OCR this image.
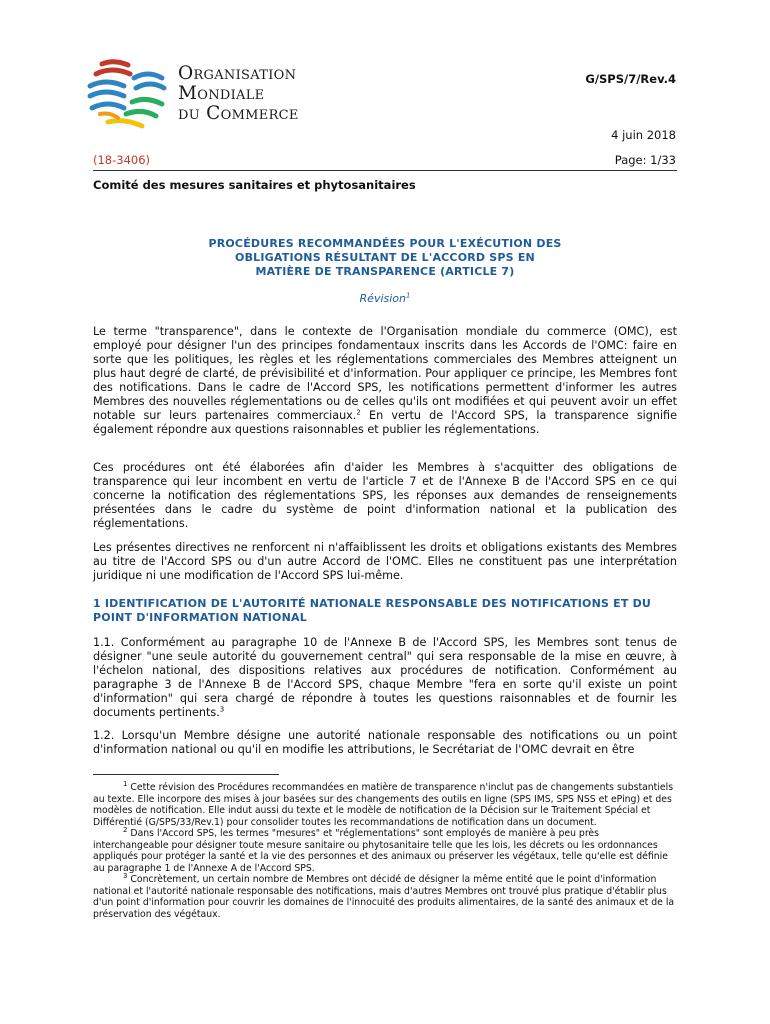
Organisation
Mondiale
du Commerce
G/SPS/7/Rev.4
4 juin 2018
(18-3406)	Page: 1/33
Comité des mesures sanitaires et phytosanitaires
PROCÉDURES RECOMMANDÉES POUR L'EXÉCUTION DES
OBLIGATIONS RÉSULTANT DE L'ACCORD SPS EN
MATIÈRE DE TRANSPARENCE (ARTICLE 7)
Révision$^1$
Le terme "transparence", dans le contexte de l'Organisation mondiale du commerce (OMC), est employé pour désigner l'un des principes fondamentaux inscrits dans les Accords de l'OMC: faire en sorte que les politiques, les règles et les réglementations commerciales des Membres atteignent un plus haut degré de clarté, de prévisibilité et d'information. Pour appliquer ce principe, les Membres font des notifications. Dans le cadre de l'Accord SPS, les notifications permettent d'informer les autres Membres des nouvelles réglementations ou de celles qu'ils ont modifiées et qui peuvent avoir un effet notable sur leurs partenaires commerciaux.$^2$ En vertu de l'Accord SPS, la transparence signifie également répondre aux questions raisonnables et publier les réglementations.
Ces procédures ont été élaborées afin d'aider les Membres à s'acquitter des obligations de transparence qui leur incombent en vertu de l'article 7 et de l'Annexe B de l'Accord SPS en ce qui concerne la notification des réglementations SPS, les réponses aux demandes de renseignements présentées dans le cadre du système de point d'information national et la publication des réglementations.
Les présentes directives ne renforcent ni n'affaiblissent les droits et obligations existants des Membres au titre de l'Accord SPS ou d'un autre Accord de l'OMC. Elles ne constituent pas une interprétation juridique ni une modification de l'Accord SPS lui-même.
1 IDENTIFICATION DE L'AUTORITÉ NATIONALE RESPONSABLE DES NOTIFICATIONS ET DU POINT D'INFORMATION NATIONAL
1.1. Conformément au paragraphe 10 de l'Annexe B de l'Accord SPS, les Membres sont tenus de désigner "une seule autorité du gouvernement central" qui sera responsable de la mise en œuvre, à l'échelon national, des dispositions relatives aux procédures de notification. Conformément au paragraphe 3 de l'Annexe B de l'Accord SPS, chaque Membre "fera en sorte qu'il existe un point d'information" qui sera chargé de répondre à toutes les questions raisonnables et de fournir les documents pertinents.$^3$
1.2. Lorsqu'un Membre désigne une autorité nationale responsable des notifications ou un point d'information national ou qu'il en modifie les attributions, le Secrétariat de l'OMC devrait en être
$^1$ Cette révision des Procédures recommandées en matière de transparence n'inclut pas de changements substantiels au texte. Elle incorpore des mises à jour basées sur des changements des outils en ligne (SPS IMS, SPS NSS et ePing) et des modèles de notification. Elle indut aussi du texte et le modèle de notification de la Décision sur le Traitement Spécial et Différentié (G/SPS/33/Rev.1) pour consolider toutes les recommandations de notification dans un document.
$^2$ Dans l'Accord SPS, les termes "mesures" et "réglementations" sont employés de manière à peu près interchangeable pour désigner toute mesure sanitaire ou phytosanitaire telle que les lois, les décrets ou les ordonnances appliqués pour protéger la santé et la vie des personnes et des animaux ou préserver les végétaux, telle qu'elle est définie au paragraphe 1 de l'Annexe A de l'Accord SPS.
$^3$ Concrètement, un certain nombre de Membres ont décidé de désigner la même entité que le point d'information national et l'autorité nationale responsable des notifications, mais d'autres Membres ont trouvé plus pratique d'établir plus d'un point d'information pour couvrir les domaines de l'innocuité des produits alimentaires, de la santé des animaux et de la préservation des végétaux.
